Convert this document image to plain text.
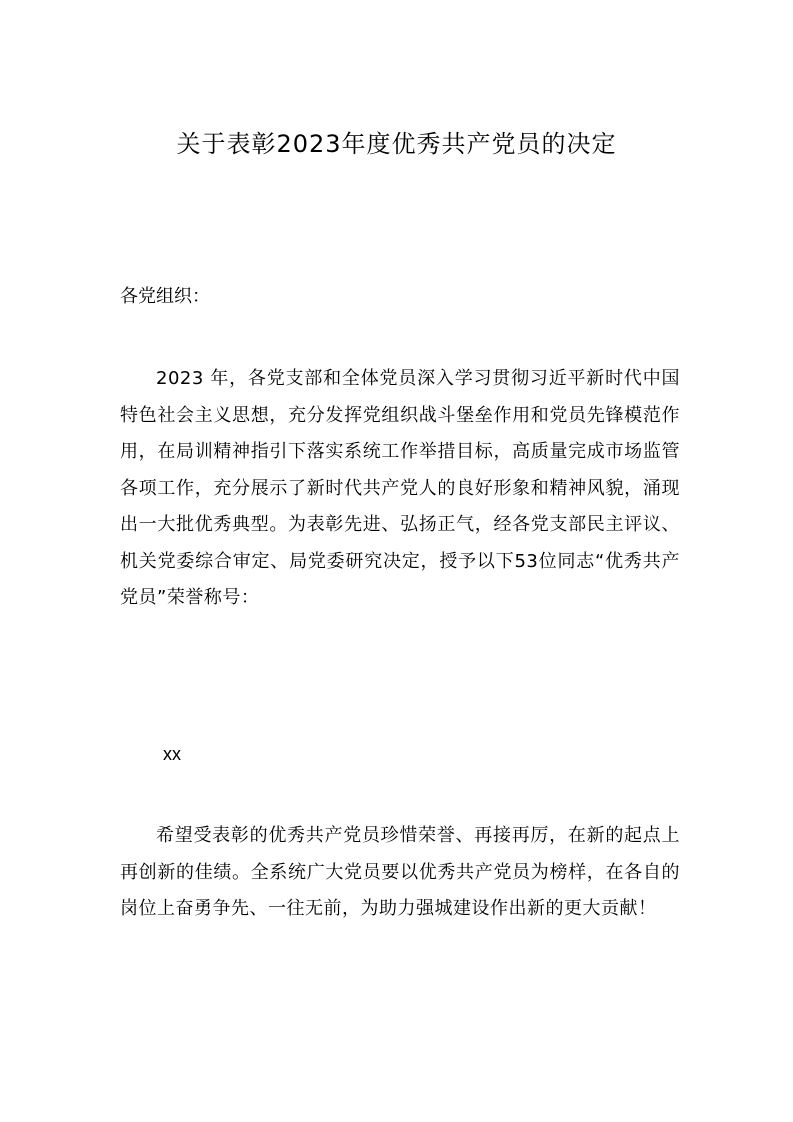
关于表彰2023年度优秀共产党员的决定

各党组织：

2023 年，各党支部和全体党员深入学习贯彻习近平新时代中国特色社会主义思想，充分发挥党组织战斗堡垒作用和党员先锋模范作用，在局训精神指引下落实系统工作举措目标，高质量完成市场监管各项工作，充分展示了新时代共产党人的良好形象和精神风貌，涌现出一大批优秀典型。为表彰先进、弘扬正气，经各党支部民主评议、机关党委综合审定、局党委研究决定，授予以下53位同志“优秀共产党员”荣誉称号：

xx

希望受表彰的优秀共产党员珍惜荣誉、再接再厉，在新的起点上再创新的佳绩。全系统广大党员要以优秀共产党员为榜样，在各自的岗位上奋勇争先、一往无前，为助力强城建设作出新的更大贡献！
